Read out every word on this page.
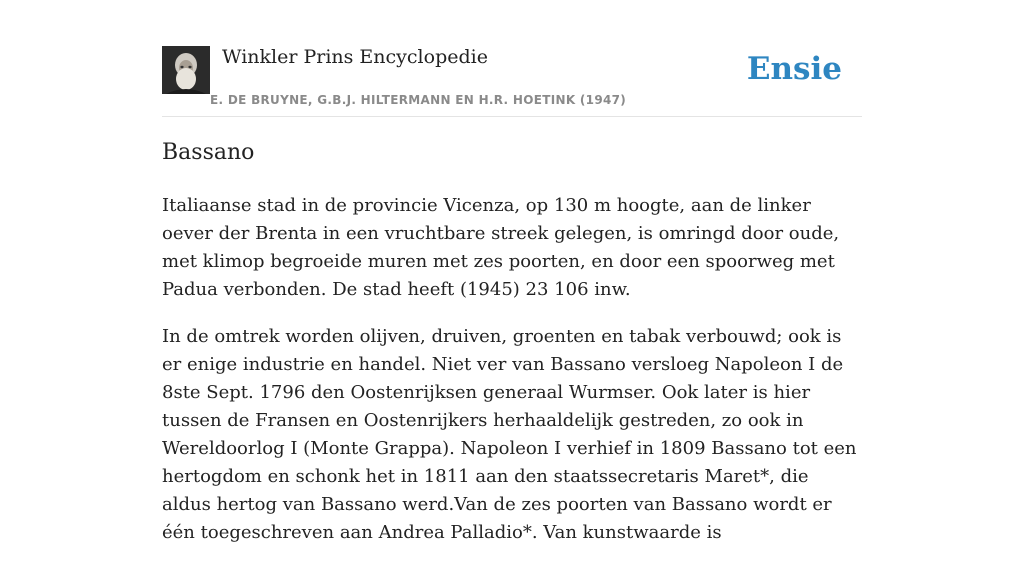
Winkler Prins Encyclopedie
E. DE BRUYNE, G.B.J. HILTERMANN EN H.R. HOETINK (1947)
Ensie
Bassano

Italiaanse stad in de provincie Vicenza, op 130 m hoogte, aan de linker oever der Brenta in een vruchtbare streek gelegen, is omringd door oude, met klimop begroeide muren met zes poorten, en door een spoorweg met Padua verbonden. De stad heeft (1945) 23 106 inw.

In de omtrek worden olijven, druiven, groenten en tabak verbouwd; ook is er enige industrie en handel. Niet ver van Bassano versloeg Napoleon I de 8ste Sept. 1796 den Oostenrijksen generaal Wurmser. Ook later is hier tussen de Fransen en Oostenrijkers herhaaldelijk gestreden, zo ook in Wereldoorlog I (Monte Grappa). Napoleon I verhief in 1809 Bassano tot een hertogdom en schonk het in 1811 aan den staatssecretaris Maret*, die aldus hertog van Bassano werd.Van de zes poorten van Bassano wordt er één toegeschreven aan Andrea Palladio*. Van kunstwaarde is
